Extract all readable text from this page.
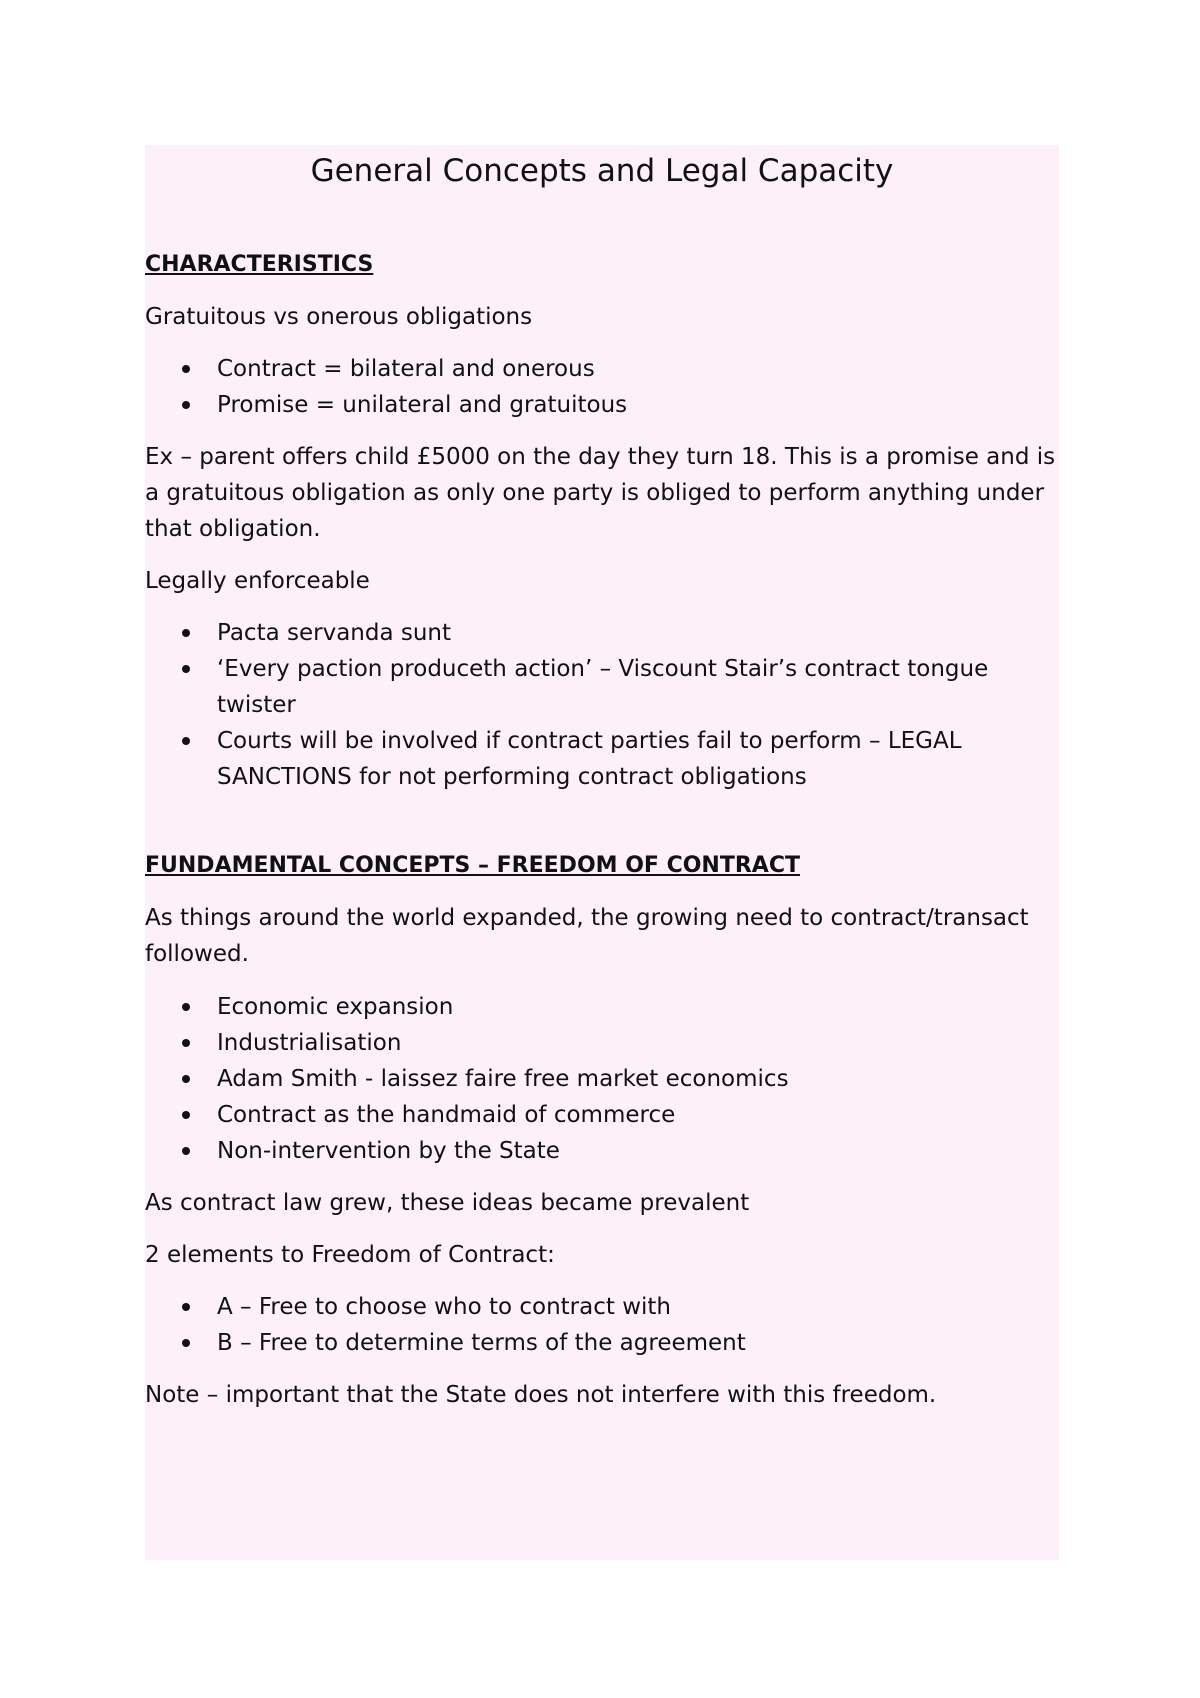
General Concepts and Legal Capacity

CHARACTERISTICS

Gratuitous vs onerous obligations

Contract = bilateral and onerous
Promise = unilateral and gratuitous

Ex – parent offers child £5000 on the day they turn 18. This is a promise and is a gratuitous obligation as only one party is obliged to perform anything under that obligation.

Legally enforceable

Pacta servanda sunt
‘Every paction produceth action’ – Viscount Stair’s contract tongue twister
Courts will be involved if contract parties fail to perform – LEGAL SANCTIONS for not performing contract obligations

FUNDAMENTAL CONCEPTS – FREEDOM OF CONTRACT

As things around the world expanded, the growing need to contract/transact followed.

Economic expansion
Industrialisation
Adam Smith - laissez faire free market economics
Contract as the handmaid of commerce
Non-intervention by the State

As contract law grew, these ideas became prevalent

2 elements to Freedom of Contract:

A – Free to choose who to contract with
B – Free to determine terms of the agreement

Note – important that the State does not interfere with this freedom.
